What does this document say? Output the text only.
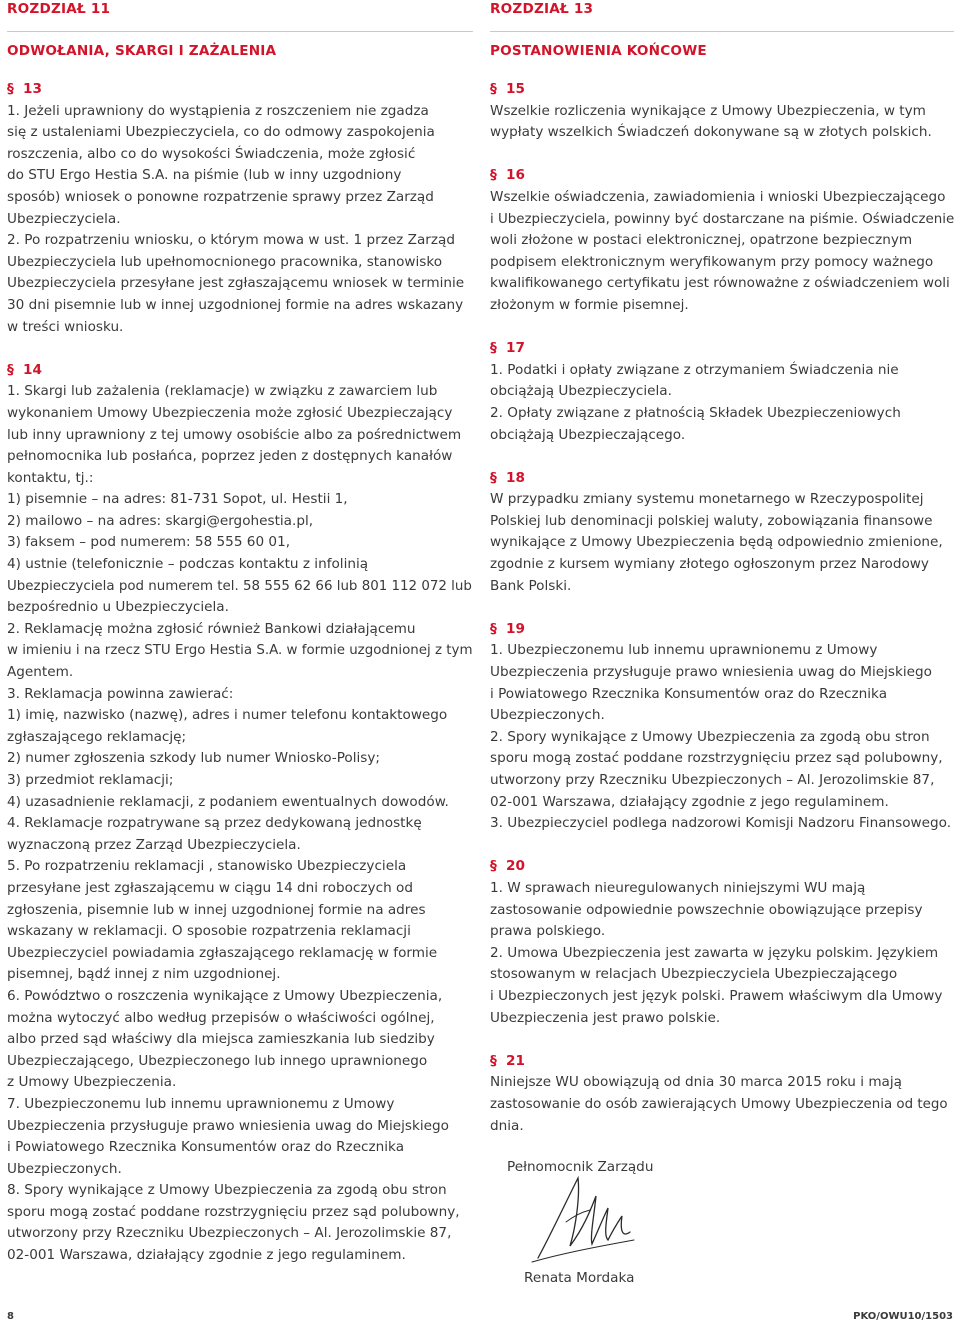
ROZDZIAŁ 11
ODWOŁANIA, SKARGI I ZAŻALENIA
§ 13
1. Jeżeli uprawniony do wystąpienia z roszczeniem nie zgadza
się z ustaleniami Ubezpieczyciela, co do odmowy zaspokojenia
roszczenia, albo co do wysokości Świadczenia, może zgłosić
do STU Ergo Hestia S.A. na piśmie (lub w inny uzgodniony
sposób) wniosek o ponowne rozpatrzenie sprawy przez Zarząd
Ubezpieczyciela.
2. Po rozpatrzeniu wniosku, o którym mowa w ust. 1 przez Zarząd
Ubezpieczyciela lub upełnomocnionego pracownika, stanowisko
Ubezpieczyciela przesyłane jest zgłaszającemu wniosek w terminie
30 dni pisemnie lub w innej uzgodnionej formie na adres wskazany
w treści wniosku.
§ 14
1. Skargi lub zażalenia (reklamacje) w związku z zawarciem lub
wykonaniem Umowy Ubezpieczenia może zgłosić Ubezpieczający
lub inny uprawniony z tej umowy osobiście albo za pośrednictwem
pełnomocnika lub posłańca, poprzez jeden z dostępnych kanałów
kontaktu, tj.:
1) pisemnie – na adres: 81-731 Sopot, ul. Hestii 1,
2) mailowo – na adres: skargi@ergohestia.pl,
3) faksem – pod numerem: 58 555 60 01,
4) ustnie (telefonicznie – podczas kontaktu z infolinią
Ubezpieczyciela pod numerem tel. 58 555 62 66 lub 801 112 072 lub
bezpośrednio u Ubezpieczyciela.
2. Reklamację można zgłosić również Bankowi działającemu
w imieniu i na rzecz STU Ergo Hestia S.A. w formie uzgodnionej z tym
Agentem.
3. Reklamacja powinna zawierać:
1) imię, nazwisko (nazwę), adres i numer telefonu kontaktowego
zgłaszającego reklamację;
2) numer zgłoszenia szkody lub numer Wniosko-Polisy;
3) przedmiot reklamacji;
4) uzasadnienie reklamacji, z podaniem ewentualnych dowodów.
4. Reklamacje rozpatrywane są przez dedykowaną jednostkę
wyznaczoną przez Zarząd Ubezpieczyciela.
5. Po rozpatrzeniu reklamacji , stanowisko Ubezpieczyciela
przesyłane jest zgłaszającemu w ciągu 14 dni roboczych od
zgłoszenia, pisemnie lub w innej uzgodnionej formie na adres
wskazany w reklamacji. O sposobie rozpatrzenia reklamacji
Ubezpieczyciel powiadamia zgłaszającego reklamację w formie
pisemnej, bądź innej z nim uzgodnionej.
6. Powództwo o roszczenia wynikające z Umowy Ubezpieczenia,
można wytoczyć albo według przepisów o właściwości ogólnej,
albo przed sąd właściwy dla miejsca zamieszkania lub siedziby
Ubezpieczającego, Ubezpieczonego lub innego uprawnionego
z Umowy Ubezpieczenia.
7. Ubezpieczonemu lub innemu uprawnionemu z Umowy
Ubezpieczenia przysługuje prawo wniesienia uwag do Miejskiego
i Powiatowego Rzecznika Konsumentów oraz do Rzecznika
Ubezpieczonych.
8. Spory wynikające z Umowy Ubezpieczenia za zgodą obu stron
sporu mogą zostać poddane rozstrzygnięciu przez sąd polubowny,
utworzony przy Rzeczniku Ubezpieczonych – Al. Jerozolimskie 87,
02-001 Warszawa, działający zgodnie z jego regulaminem.
ROZDZIAŁ 13
POSTANOWIENIA KOŃCOWE
§ 15
Wszelkie rozliczenia wynikające z Umowy Ubezpieczenia, w tym
wypłaty wszelkich Świadczeń dokonywane są w złotych polskich.
§ 16
Wszelkie oświadczenia, zawiadomienia i wnioski Ubezpieczającego
i Ubezpieczyciela, powinny być dostarczane na piśmie. Oświadczenie
woli złożone w postaci elektronicznej, opatrzone bezpiecznym
podpisem elektronicznym weryfikowanym przy pomocy ważnego
kwalifikowanego certyfikatu jest równoważne z oświadczeniem woli
złożonym w formie pisemnej.
§ 17
1. Podatki i opłaty związane z otrzymaniem Świadczenia nie
obciążają Ubezpieczyciela.
2. Opłaty związane z płatnością Składek Ubezpieczeniowych
obciążają Ubezpieczającego.
§ 18
W przypadku zmiany systemu monetarnego w Rzeczypospolitej
Polskiej lub denominacji polskiej waluty, zobowiązania finansowe
wynikające z Umowy Ubezpieczenia będą odpowiednio zmienione,
zgodnie z kursem wymiany złotego ogłoszonym przez Narodowy
Bank Polski.
§ 19
1. Ubezpieczonemu lub innemu uprawnionemu z Umowy
Ubezpieczenia przysługuje prawo wniesienia uwag do Miejskiego
i Powiatowego Rzecznika Konsumentów oraz do Rzecznika
Ubezpieczonych.
2. Spory wynikające z Umowy Ubezpieczenia za zgodą obu stron
sporu mogą zostać poddane rozstrzygnięciu przez sąd polubowny,
utworzony przy Rzeczniku Ubezpieczonych – Al. Jerozolimskie 87,
02-001 Warszawa, działający zgodnie z jego regulaminem.
3. Ubezpieczyciel podlega nadzorowi Komisji Nadzoru Finansowego.
§ 20
1. W sprawach nieuregulowanych niniejszymi WU mają
zastosowanie odpowiednie powszechnie obowiązujące przepisy
prawa polskiego.
2. Umowa Ubezpieczenia jest zawarta w języku polskim. Językiem
stosowanym w relacjach Ubezpieczyciela Ubezpieczającego
i Ubezpieczonych jest język polski. Prawem właściwym dla Umowy
Ubezpieczenia jest prawo polskie.
§ 21
Niniejsze WU obowiązują od dnia 30 marca 2015 roku i mają
zastosowanie do osób zawierających Umowy Ubezpieczenia od tego
dnia.
Pełnomocnik Zarządu
Renata Mordaka
8	PKO/OWU10/1503
